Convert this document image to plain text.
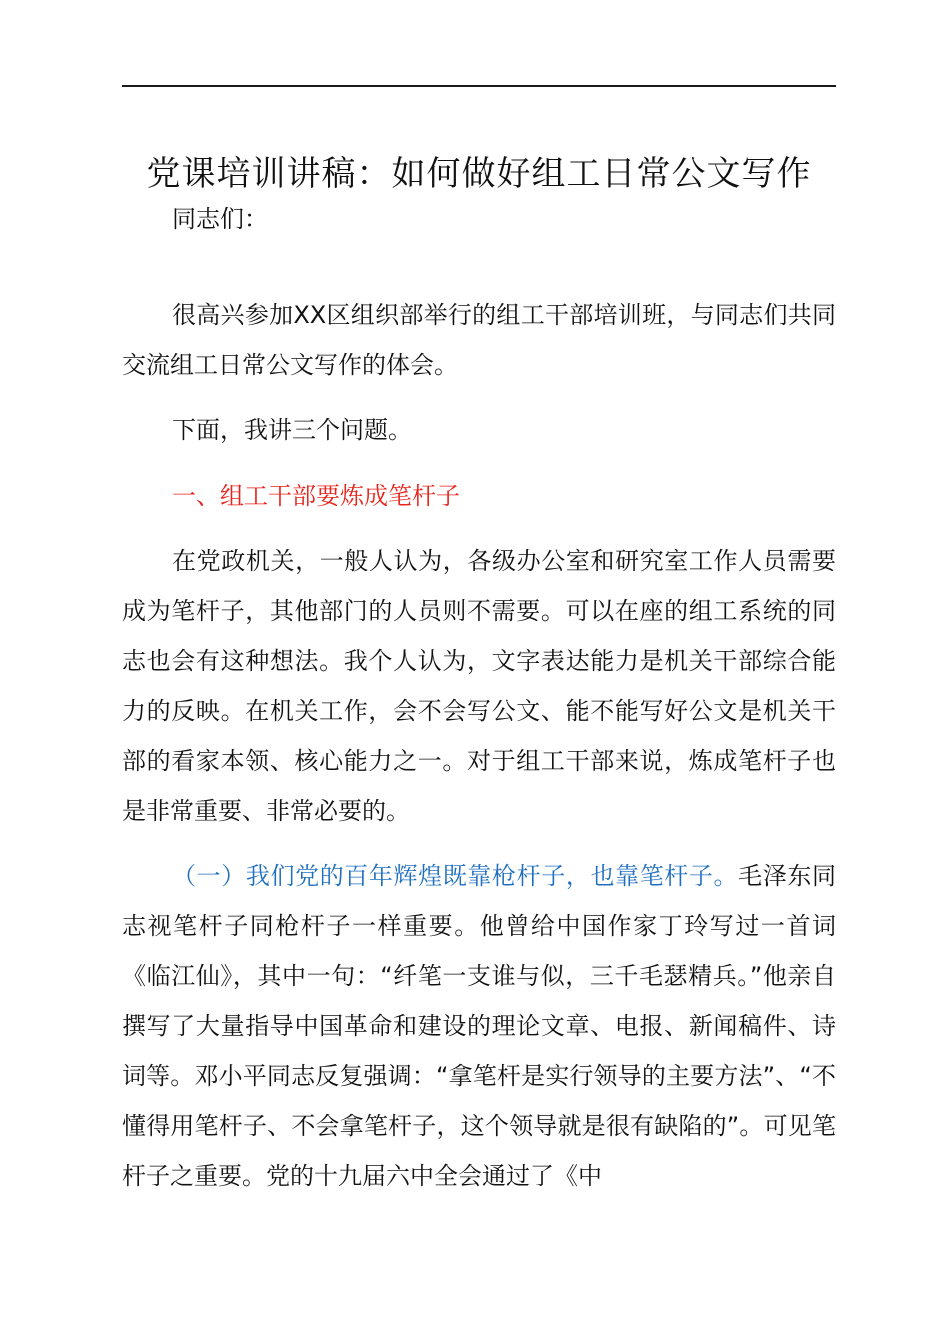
党课培训讲稿：如何做好组工日常公文写作

同志们：

很高兴参加XX区组织部举行的组工干部培训班，与同志们共同交流组工日常公文写作的体会。

下面，我讲三个问题。

一、组工干部要炼成笔杆子

在党政机关，一般人认为，各级办公室和研究室工作人员需要成为笔杆子，其他部门的人员则不需要。可以在座的组工系统的同志也会有这种想法。我个人认为，文字表达能力是机关干部综合能力的反映。在机关工作，会不会写公文、能不能写好公文是机关干部的看家本领、核心能力之一。对于组工干部来说，炼成笔杆子也是非常重要、非常必要的。

（一）我们党的百年辉煌既靠枪杆子，也靠笔杆子。毛泽东同志视笔杆子同枪杆子一样重要。他曾给中国作家丁玲写过一首词《临江仙》，其中一句：“纤笔一支谁与似，三千毛瑟精兵。”他亲自撰写了大量指导中国革命和建设的理论文章、电报、新闻稿件、诗词等。邓小平同志反复强调：“拿笔杆是实行领导的主要方法”、“不懂得用笔杆子、不会拿笔杆子，这个领导就是很有缺陷的”。可见笔杆子之重要。党的十九届六中全会通过了《中
